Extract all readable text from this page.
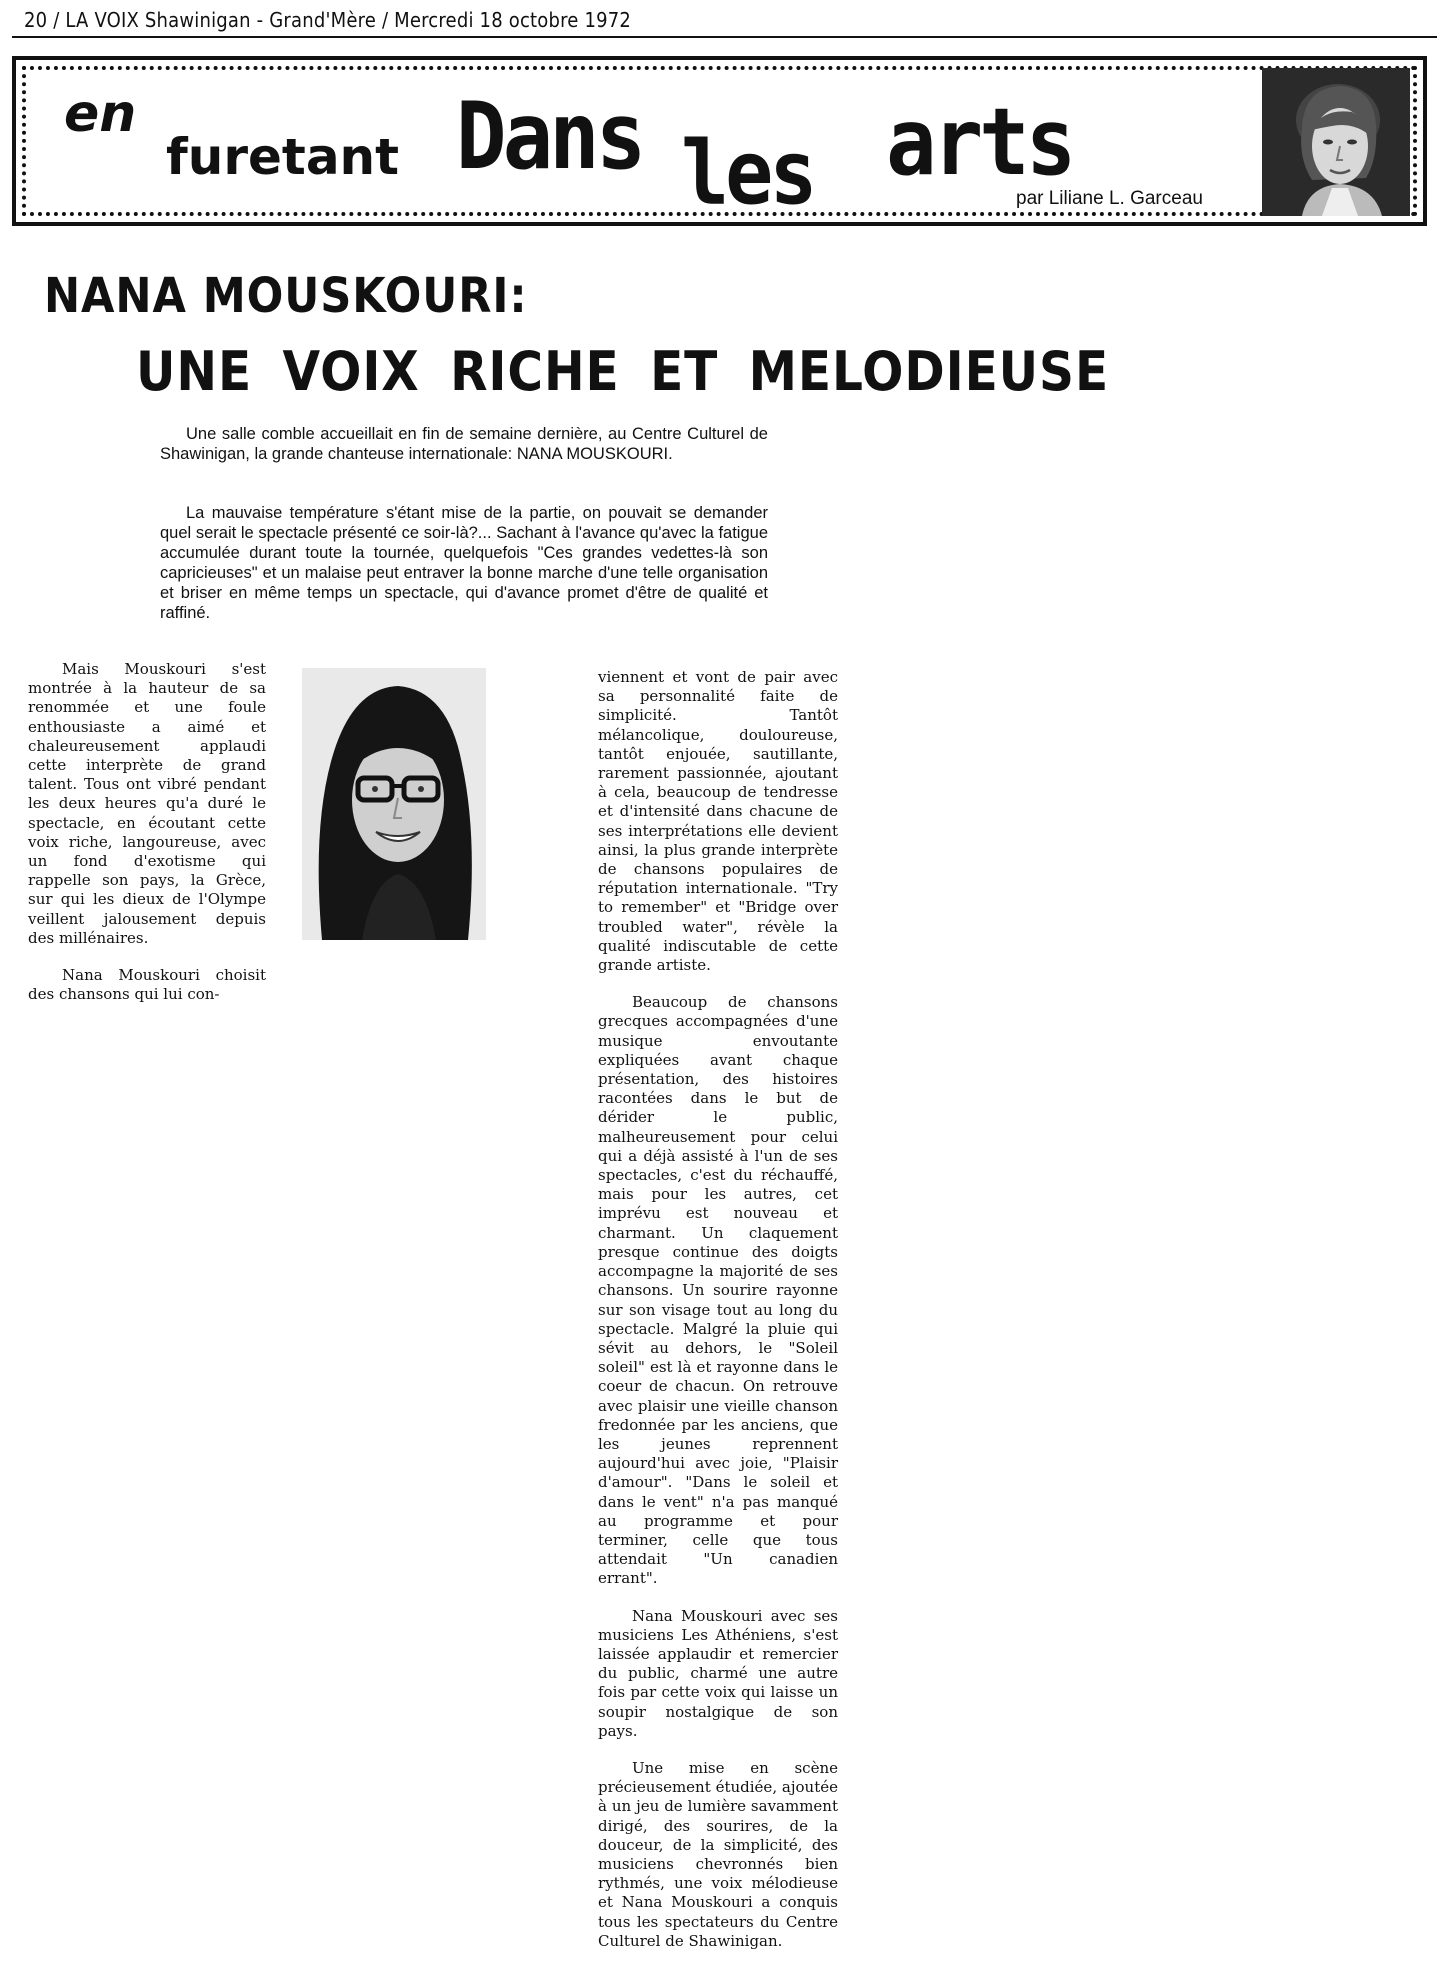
20 / LA VOIX Shawinigan - Grand'Mère / Mercredi 18 octobre 1972
en
furetant Dans les arts
par Liliane L. Garceau
NANA MOUSKOURI:
UNE VOIX RICHE ET MELODIEUSE

Une salle comble accueillait en fin de semaine dernière, au Centre Culturel de Shawinigan, la grande chanteuse internationale: NANA MOUSKOURI.

La mauvaise température s'étant mise de la partie, on pouvait se demander quel serait le spectacle présenté ce soir-là?... Sachant à l'avance qu'avec la fatigue accumulée durant toute la tournée, quelquefois "Ces grandes vedettes-là son capricieuses" et un malaise peut entraver la bonne marche d'une telle organisation et briser en même temps un spectacle, qui d'avance promet d'être de qualité et raffiné.

Mais Mouskouri s'est montrée à la hauteur de sa renommée et une foule enthousiaste a aimé et chaleureusement applaudi cette interprète de grand talent. Tous ont vibré pendant les deux heures qu'a duré le spectacle, en écoutant cette voix riche, langoureuse, avec un fond d'exotisme qui rappelle son pays, la Grèce, sur qui les dieux de l'Olympe veillent jalousement depuis des millénaires.

Nana Mouskouri choisit des chansons qui lui con-

viennent et vont de pair avec sa personnalité faite de simplicité. Tantôt mélancolique, douloureuse, tantôt enjouée, sautillante, rarement passionnée, ajoutant à cela, beaucoup de tendresse et d'intensité dans chacune de ses interprétations elle devient ainsi, la plus grande interprète de chansons populaires de réputation internationale. "Try to remember" et "Bridge over troubled water", révèle la qualité indiscutable de cette grande artiste.

Beaucoup de chansons grecques accompagnées d'une musique envoutante expliquées avant chaque présentation, des histoires racontées dans le but de dérider le public, malheureusement pour celui qui a déjà assisté à l'un de ses spectacles, c'est du réchauffé, mais pour les autres, cet imprévu est nouveau et charmant. Un claquement presque continue des doigts accompagne la majorité de ses chansons. Un sourire rayonne sur son visage tout au long du spectacle. Malgré la pluie qui sévit au dehors, le "Soleil soleil" est là et rayonne dans le coeur de chacun. On retrouve avec plaisir une vieille chanson fredonnée par les anciens, que les jeunes reprennent aujourd'hui avec joie, "Plaisir d'amour". "Dans le soleil et dans le vent" n'a pas manqué au programme et pour terminer, celle que tous attendait "Un canadien errant".

Nana Mouskouri avec ses musiciens Les Athéniens, s'est laissée applaudir et remercier du public, charmé une autre fois par cette voix qui laisse un soupir nostalgique de son pays.

Une mise en scène précieusement étudiée, ajoutée à un jeu de lumière savamment dirigé, des sourires, de la douceur, de la simplicité, des musiciens chevronnés bien rythmés, une voix mélodieuse et Nana Mouskouri a conquis tous les spectateurs du Centre Culturel de Shawinigan.
